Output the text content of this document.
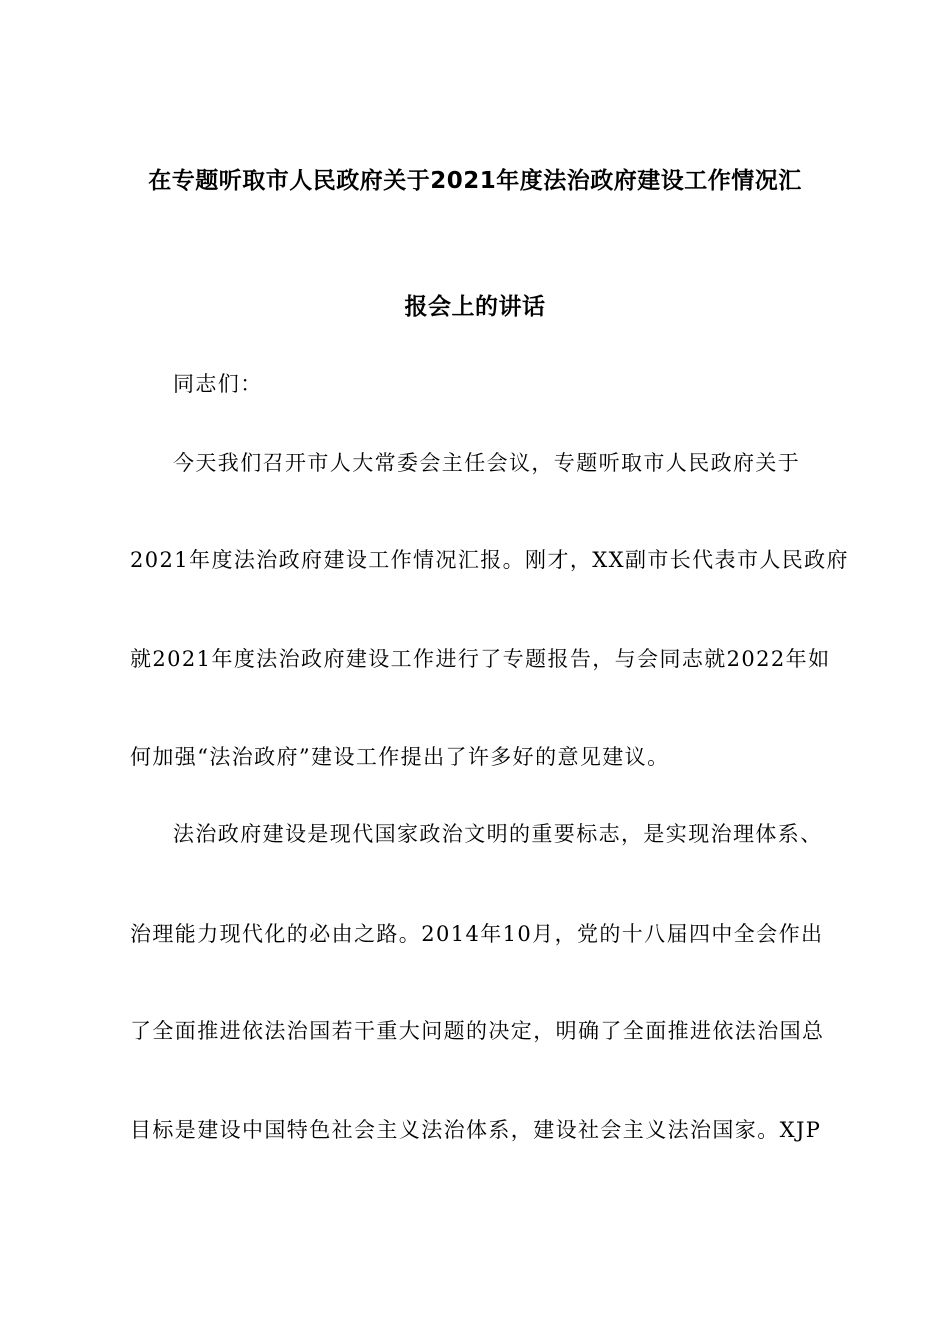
在专题听取市人民政府关于2021年度法治政府建设工作情况汇
报会上的讲话
同志们：
今天我们召开市人大常委会主任会议，专题听取市人民政府关于
2021年度法治政府建设工作情况汇报。刚才，XX副市长代表市人民政府
就2021年度法治政府建设工作进行了专题报告，与会同志就2022年如
何加强“法治政府”建设工作提出了许多好的意见建议。
法治政府建设是现代国家政治文明的重要标志，是实现治理体系、
治理能力现代化的必由之路。2014年10月，党的十八届四中全会作出
了全面推进依法治国若干重大问题的决定，明确了全面推进依法治国总
目标是建设中国特色社会主义法治体系，建设社会主义法治国家。XJP
